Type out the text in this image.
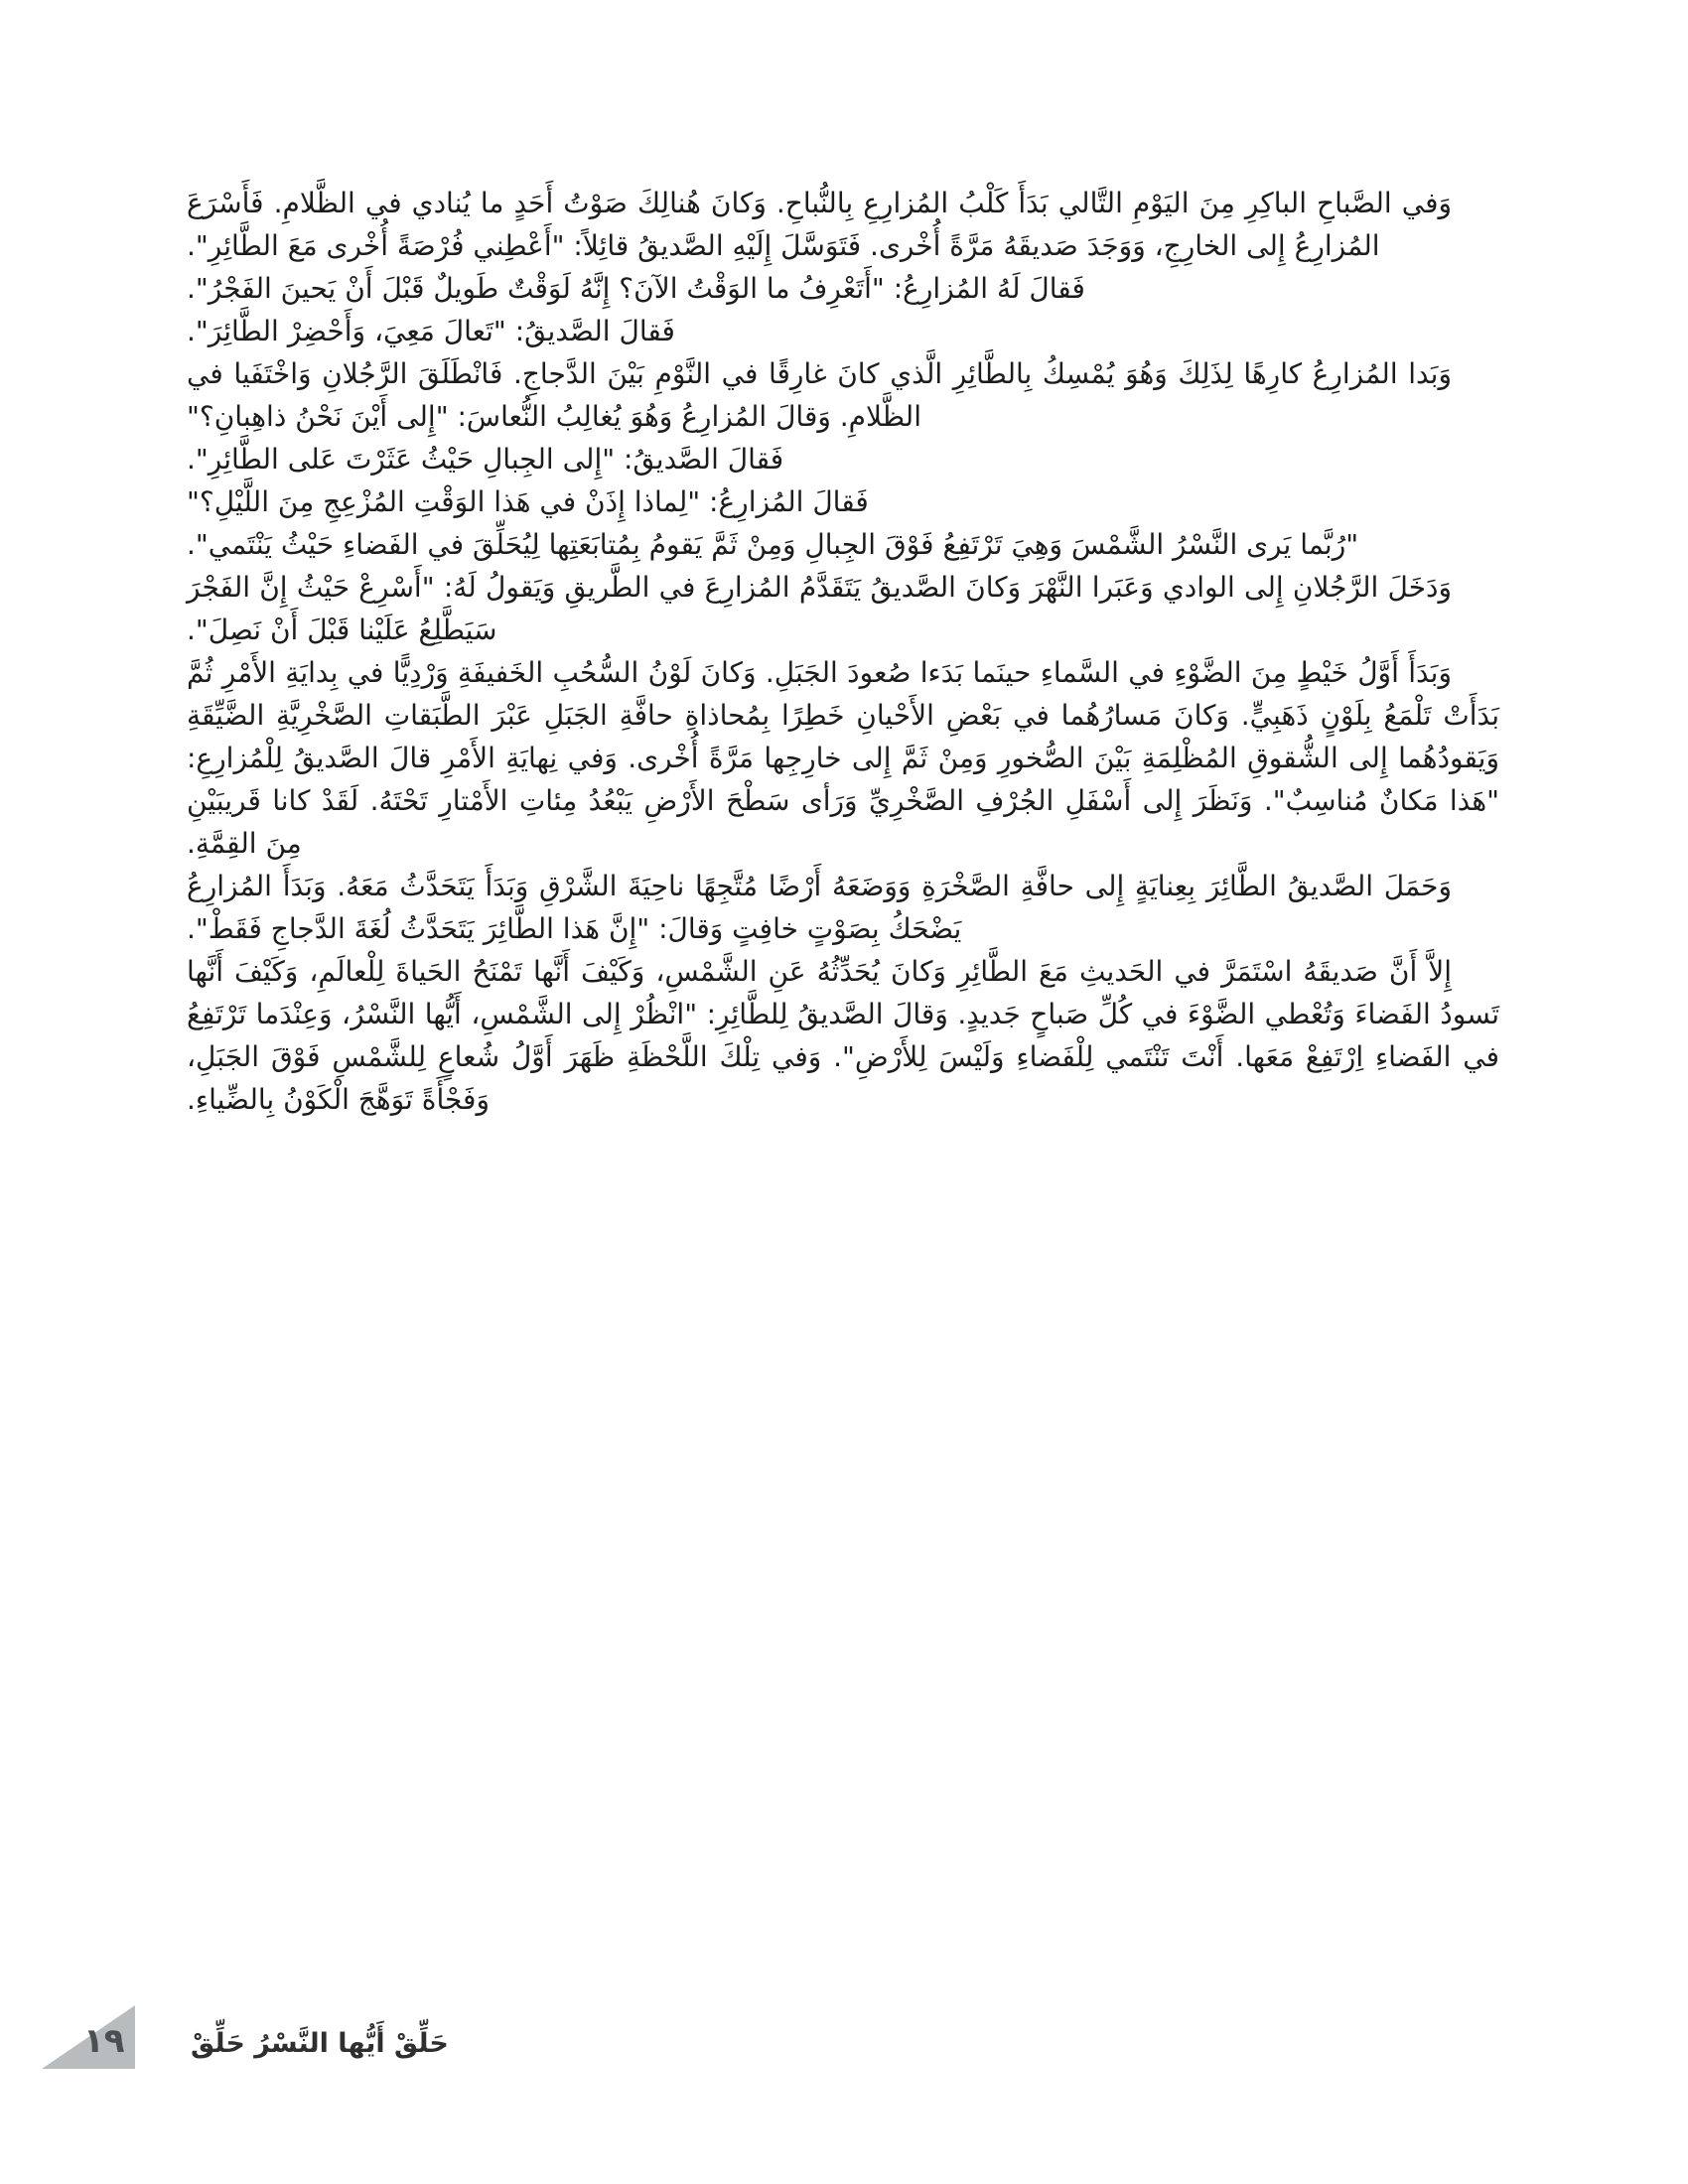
وَفي الصَّباحِ الباكِرِ مِنَ اليَوْمِ التَّالي بَدَأَ كَلْبُ المُزارِعِ بِالنُّباحِ. وَكانَ هُنالِكَ صَوْتُ أَحَدٍ ما يُنادي في الظَّلامِ. فَأَسْرَعَ المُزارِعُ إِلى الخارِجِ، وَوَجَدَ صَديقَهُ مَرَّةً أُخْرى. فَتَوَسَّلَ إِلَيْهِ الصَّديقُ قائِلاً: "أَعْطِني فُرْصَةً أُخْرى مَعَ الطَّائِرِ".

فَقالَ لَهُ المُزارِعُ: "أَتَعْرِفُ ما الوَقْتُ الآنَ؟ إِنَّهُ لَوَقْتٌ طَويلٌ قَبْلَ أَنْ يَحينَ الفَجْرُ".

فَقالَ الصَّديقُ: "تَعالَ مَعِيَ، وَأَحْضِرْ الطَّائِرَ".

وَبَدا المُزارِعُ كارِهًا لِذَلِكَ وَهُوَ يُمْسِكُ بِالطَّائِرِ الَّذي كانَ غارِقًا في النَّوْمِ بَيْنَ الدَّجاجِ. فَانْطَلَقَ الرَّجُلانِ وَاخْتَفَيا في الظَّلامِ. وَقالَ المُزارِعُ وَهُوَ يُغالِبُ النُّعاسَ: "إِلى أَيْنَ نَحْنُ ذاهِبانِ؟"

فَقالَ الصَّديقُ: "إِلى الجِبالِ حَيْثُ عَثَرْتَ عَلى الطَّائِرِ".

فَقالَ المُزارِعُ: "لِماذا إِذَنْ في هَذا الوَقْتِ المُزْعِجِ مِنَ اللَّيْلِ؟"

"رُبَّما يَرى النَّسْرُ الشَّمْسَ وَهِيَ تَرْتَفِعُ فَوْقَ الجِبالِ وَمِنْ ثَمَّ يَقومُ بِمُتابَعَتِها لِيُحَلِّقَ في الفَضاءِ حَيْثُ يَنْتَمي".

وَدَخَلَ الرَّجُلانِ إِلى الوادي وَعَبَرا النَّهْرَ وَكانَ الصَّديقُ يَتَقَدَّمُ المُزارِعَ في الطَّريقِ وَيَقولُ لَهُ: "أَسْرِعْ حَيْثُ إِنَّ الفَجْرَ سَيَطَّلِعُ عَلَيْنا قَبْلَ أَنْ نَصِلَ".

وَبَدَأَ أَوَّلُ خَيْطٍ مِنَ الضَّوْءِ في السَّماءِ حينَما بَدَءا صُعودَ الجَبَلِ. وَكانَ لَوْنُ السُّحُبِ الخَفيفَةِ وَرْدِيًّا في بِدايَةِ الأَمْرِ ثُمَّ بَدَأَتْ تَلْمَعُ بِلَوْنٍ ذَهَبِيٍّ. وَكانَ مَسارُهُما في بَعْضِ الأَحْيانِ خَطِرًا بِمُحاذاةِ حافَّةِ الجَبَلِ عَبْرَ الطَّبَقاتِ الصَّخْرِيَّةِ الضَّيِّقَةِ وَيَقودُهُما إِلى الشُّقوقِ المُظْلِمَةِ بَيْنَ الصُّخورِ وَمِنْ ثَمَّ إِلى خارِجِها مَرَّةً أُخْرى. وَفي نِهايَةِ الأَمْرِ قالَ الصَّديقُ لِلْمُزارِعِ: "هَذا مَكانٌ مُناسِبٌ". وَنَظَرَ إِلى أَسْفَلِ الجُرْفِ الصَّخْرِيِّ وَرَأى سَطْحَ الأَرْضِ يَبْعُدُ مِئاتِ الأَمْتارِ تَحْتَهُ. لَقَدْ كانا قَريبَيْنِ مِنَ القِمَّةِ.

وَحَمَلَ الصَّديقُ الطَّائِرَ بِعِنايَةٍ إِلى حافَّةِ الصَّخْرَةِ وَوَضَعَهُ أَرْضًا مُتَّجِهًا ناحِيَةَ الشَّرْقِ وَبَدَأَ يَتَحَدَّثُ مَعَهُ. وَبَدَأَ المُزارِعُ يَضْحَكُ بِصَوْتٍ خافِتٍ وَقالَ: "إِنَّ هَذا الطَّائِرَ يَتَحَدَّثُ لُغَةَ الدَّجاجِ فَقَطْ".

إِلاَّ أَنَّ صَديقَهُ اسْتَمَرَّ في الحَديثِ مَعَ الطَّائِرِ وَكانَ يُحَدِّثُهُ عَنِ الشَّمْسِ، وَكَيْفَ أَنَّها تَمْنَحُ الحَياةَ لِلْعالَمِ، وَكَيْفَ أَنَّها تَسودُ الفَضاءَ وَتُعْطي الضَّوْءَ في كُلِّ صَباحٍ جَديدٍ. وَقالَ الصَّديقُ لِلطَّائِرِ: "انْظُرْ إِلى الشَّمْسِ، أَيُّها النَّسْرُ، وَعِنْدَما تَرْتَفِعُ في الفَضاءِ اِرْتَفِعْ مَعَها. أَنْتَ تَنْتَمي لِلْفَضاءِ وَلَيْسَ لِلأَرْضِ". وَفي تِلْكَ اللَّحْظَةِ ظَهَرَ أَوَّلُ شُعاعٍ لِلشَّمْسِ فَوْقَ الجَبَلِ، وَفَجْأَةً تَوَهَّجَ الْكَوْنُ بِالضِّياءِ.

١٩ حَلِّقْ أَيُّها النَّسْرُ حَلِّقْ
